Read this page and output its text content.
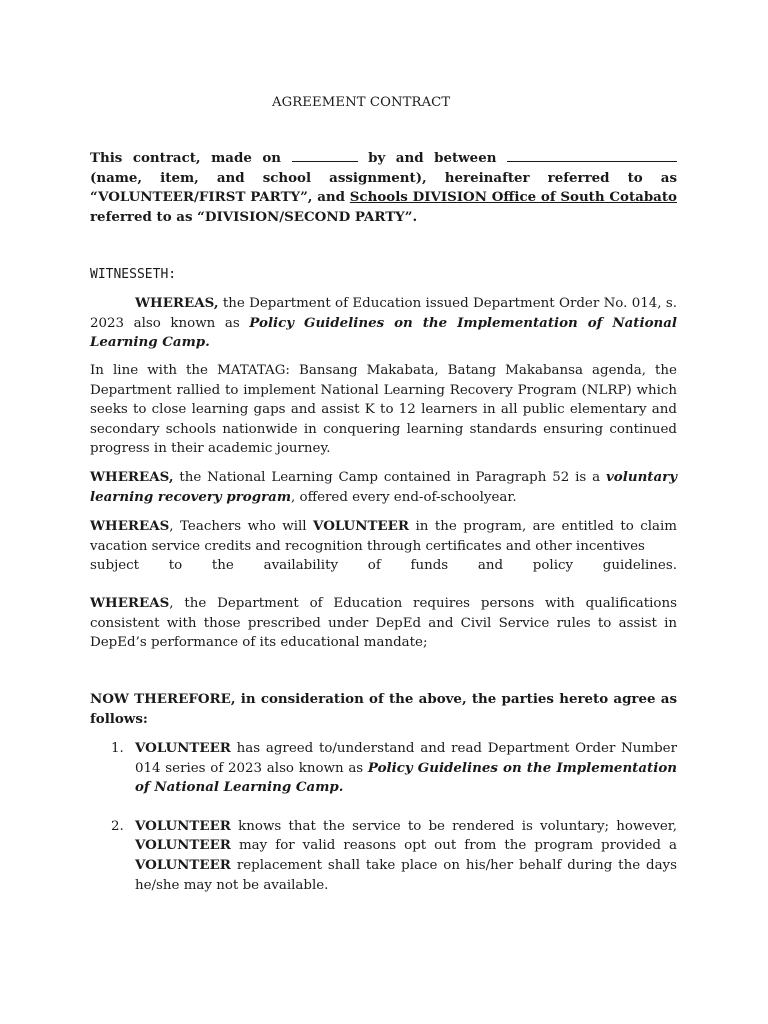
AGREEMENT CONTRACT

This contract, made on	by and between  (name, item, and school assignment), hereinafter referred to as “VOLUNTEER/FIRST PARTY”, and Schools DIVISION Office of South Cotabato referred to as “DIVISION/SECOND PARTY”.

WITNESSETH:

WHEREAS, the Department of Education issued Department Order No. 014, s. 2023 also known as Policy Guidelines on the Implementation of National Learning Camp.

In line with the MATATAG: Bansang Makabata, Batang Makabansa agenda, the Department rallied to implement National Learning Recovery Program (NLRP) which seeks to close learning gaps and assist K to 12 learners in all public elementary and secondary schools nationwide in conquering learning standards ensuring continued progress in their academic journey.

WHEREAS, the National Learning Camp contained in Paragraph 52 is a voluntary learning recovery program, offered every end-of-schoolyear.

WHEREAS, Teachers who will VOLUNTEER in the program, are entitled to claim vacation service credits and recognition through certificates and other incentives

subject to the availability of funds and policy guidelines.

WHEREAS, the Department of Education requires persons with qualifications consistent with those prescribed under DepEd and Civil Service rules to assist in DepEd’s performance of its educational mandate;

NOW THEREFORE, in consideration of the above, the parties hereto agree as follows:

1. VOLUNTEER has agreed to/understand and read Department Order Number 014 series of 2023 also known as Policy Guidelines on the Implementation of National Learning Camp.
2. VOLUNTEER knows that the service to be rendered is voluntary; however, VOLUNTEER may for valid reasons opt out from the program provided a VOLUNTEER replacement shall take place on his/her behalf during the days he/she may not be available.
